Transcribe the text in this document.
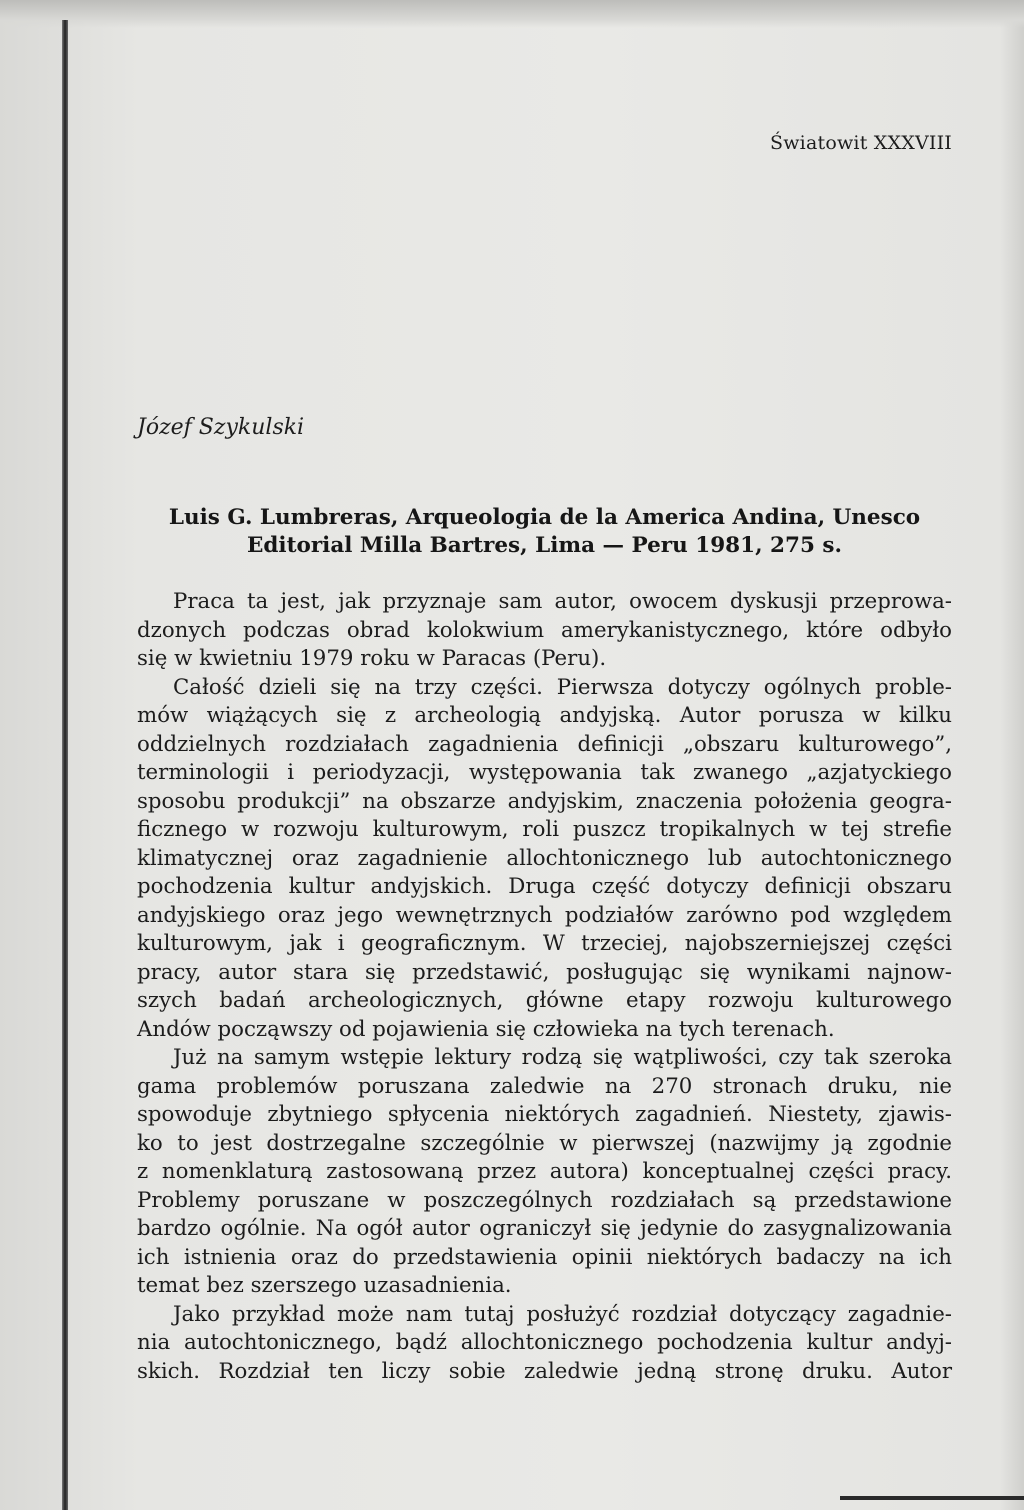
Światowit XXXVIII
Józef Szykulski
Luis G. Lumbreras, Arqueologia de la America Andina, Unesco
Editorial Milla Bartres, Lima — Peru 1981, 275 s.
Praca ta jest, jak przyznaje sam autor, owocem dyskusji przeprowa-
dzonych podczas obrad kolokwium amerykanistycznego, które odbyło
się w kwietniu 1979 roku w Paracas (Peru).
Całość dzieli się na trzy części. Pierwsza dotyczy ogólnych proble-
mów wiążących się z archeologią andyjską. Autor porusza w kilku
oddzielnych rozdziałach zagadnienia definicji „obszaru kulturowego”,
terminologii i periodyzacji, występowania tak zwanego „azjatyckiego
sposobu produkcji” na obszarze andyjskim, znaczenia położenia geogra-
ficznego w rozwoju kulturowym, roli puszcz tropikalnych w tej strefie
klimatycznej oraz zagadnienie allochtonicznego lub autochtonicznego
pochodzenia kultur andyjskich. Druga część dotyczy definicji obszaru
andyjskiego oraz jego wewnętrznych podziałów zarówno pod względem
kulturowym, jak i geograficznym. W trzeciej, najobszerniejszej części
pracy, autor stara się przedstawić, posługując się wynikami najnow-
szych badań archeologicznych, główne etapy rozwoju kulturowego
Andów począwszy od pojawienia się człowieka na tych terenach.
Już na samym wstępie lektury rodzą się wątpliwości, czy tak szeroka
gama problemów poruszana zaledwie na 270 stronach druku, nie
spowoduje zbytniego spłycenia niektórych zagadnień. Niestety, zjawis-
ko to jest dostrzegalne szczególnie w pierwszej (nazwijmy ją zgodnie
z nomenklaturą zastosowaną przez autora) konceptualnej części pracy.
Problemy poruszane w poszczególnych rozdziałach są przedstawione
bardzo ogólnie. Na ogół autor ograniczył się jedynie do zasygnalizowania
ich istnienia oraz do przedstawienia opinii niektórych badaczy na ich
temat bez szerszego uzasadnienia.
Jako przykład może nam tutaj posłużyć rozdział dotyczący zagadnie-
nia autochtonicznego, bądź allochtonicznego pochodzenia kultur andyj-
skich. Rozdział ten liczy sobie zaledwie jedną stronę druku. Autor
